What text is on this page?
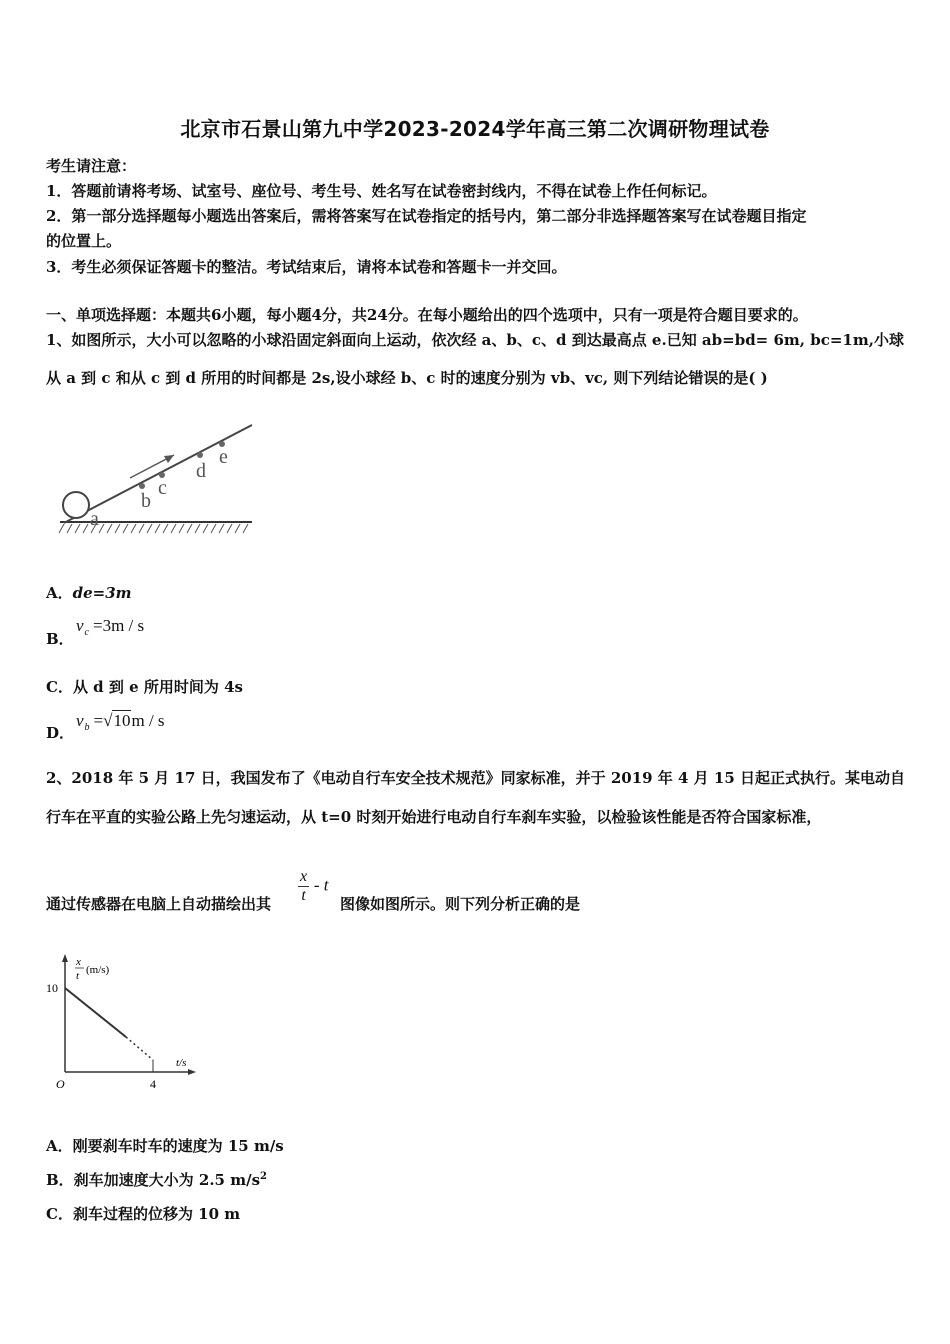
北京市石景山第九中学2023-2024学年高三第二次调研物理试卷
考生请注意：
1．答题前请将考场、试室号、座位号、考生号、姓名写在试卷密封线内，不得在试卷上作任何标记。
2．第一部分选择题每小题选出答案后，需将答案写在试卷指定的括号内，第二部分非选择题答案写在试卷题目指定
的位置上。
3．考生必须保证答题卡的整洁。考试结束后，请将本试卷和答题卡一并交回。
一、单项选择题：本题共6小题，每小题4分，共24分。在每小题给出的四个选项中，只有一项是符合题目要求的。
1、如图所示，大小可以忽略的小球沿固定斜面向上运动，依次经 a、b、c、d 到达最高点 e.已知 ab=bd= 6m, bc=1m,小球
从 a 到 c 和从 c 到 d 所用的时间都是 2s,设小球经 b、c 时的速度分别为 vb、vc, 则下列结论错误的是( )
a
b
c
d
e
A．de=3m
B．
$v_c =3m / s$
C．从 d 到 e 所用时间为 4s
D．
$v_b =√10m / s$
2、2018 年 5 月 17 日，我国发布了《电动自行车安全技术规范》同家标准，并于 2019 年 4 月 15 日起正式执行。某电动自
行车在平直的实验公路上先匀速运动，从 t=0 时刻开始进行电动自行车刹车实验，以检验该性能是否符合国家标准，
通过传感器在电脑上自动描绘出其 $\frac{x}{t}$ - t
图像如图所示。则下列分析正确的是
x
t (m/s)
t/s
O
10
4
A．刚要刹车时车的速度为 15 m/s
B．刹车加速度大小为 2.5 $m/s^2$
C．刹车过程的位移为 10 m
